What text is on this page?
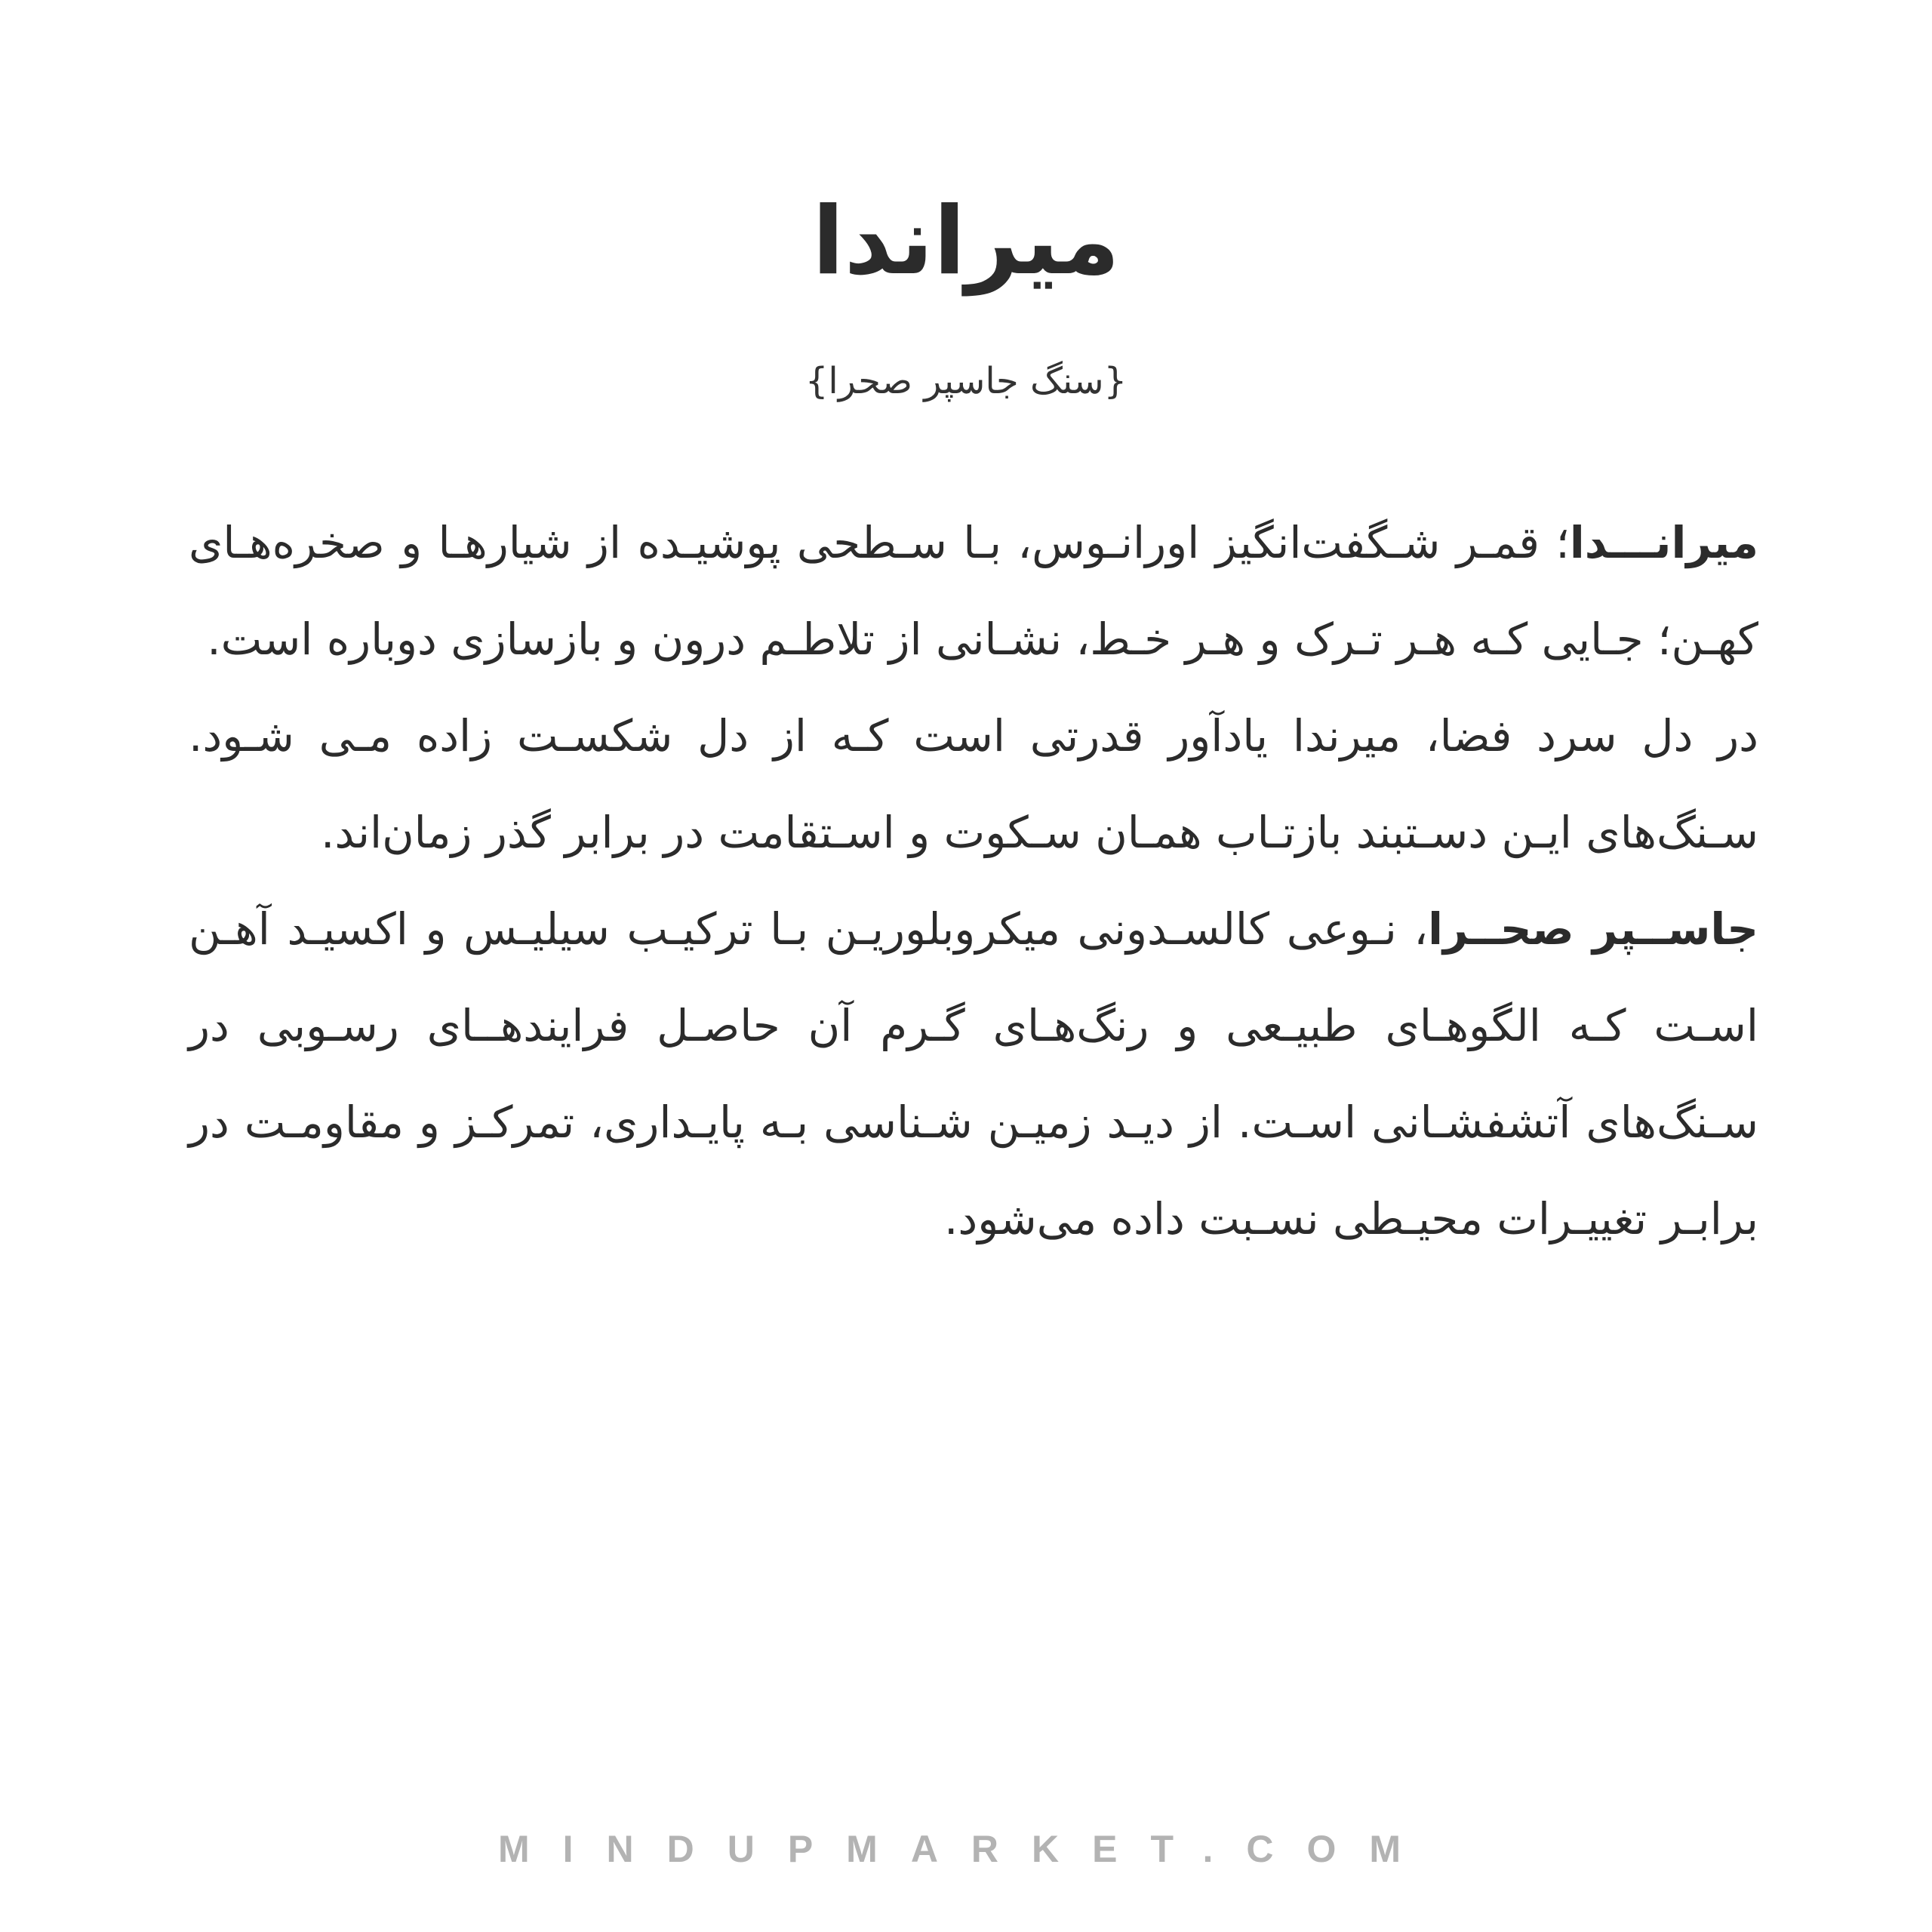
میراندا
{سنگ جاسپر صحرا}

میرانـــدا؛ قمـر شـگفت‌انگیز اورانـوس، بـا سـطحی پوشیـده از شیارهـا و صخره‌هـای کهـن؛ جـایی کـه هـر تـرک و هـر خـط، نشـانی از تلاطـم درون و بازسازی دوباره است.

در دل سرد فضا، میرندا یادآور قدرتی است کـه از دل شکسـت زاده مـی شـود. سـنگ‌های ایـن دسـتبند بازتـاب همـان سـکوت و اسـتقامت در برابر گذر زمان‌اند.

جاســپر صحــرا، نـوعی کالسـدونی میکروبلوریـن بـا ترکیـب سیلیـس و اکسیـد آهـن اسـت کـه الگوهـای طبیـعی و رنگ‌هـای گـرم آن حاصـل فرایندهــای رسـوبی در سـنگ‌های آتشفشـانی اسـت. از دیـد زمیـن شـناسی بـه پایـداری، تمرکـز و مقاومـت در برابـر تغییـرات محیـطی نسـبت داده می‌شود.

MINDUPMARKET.COM
